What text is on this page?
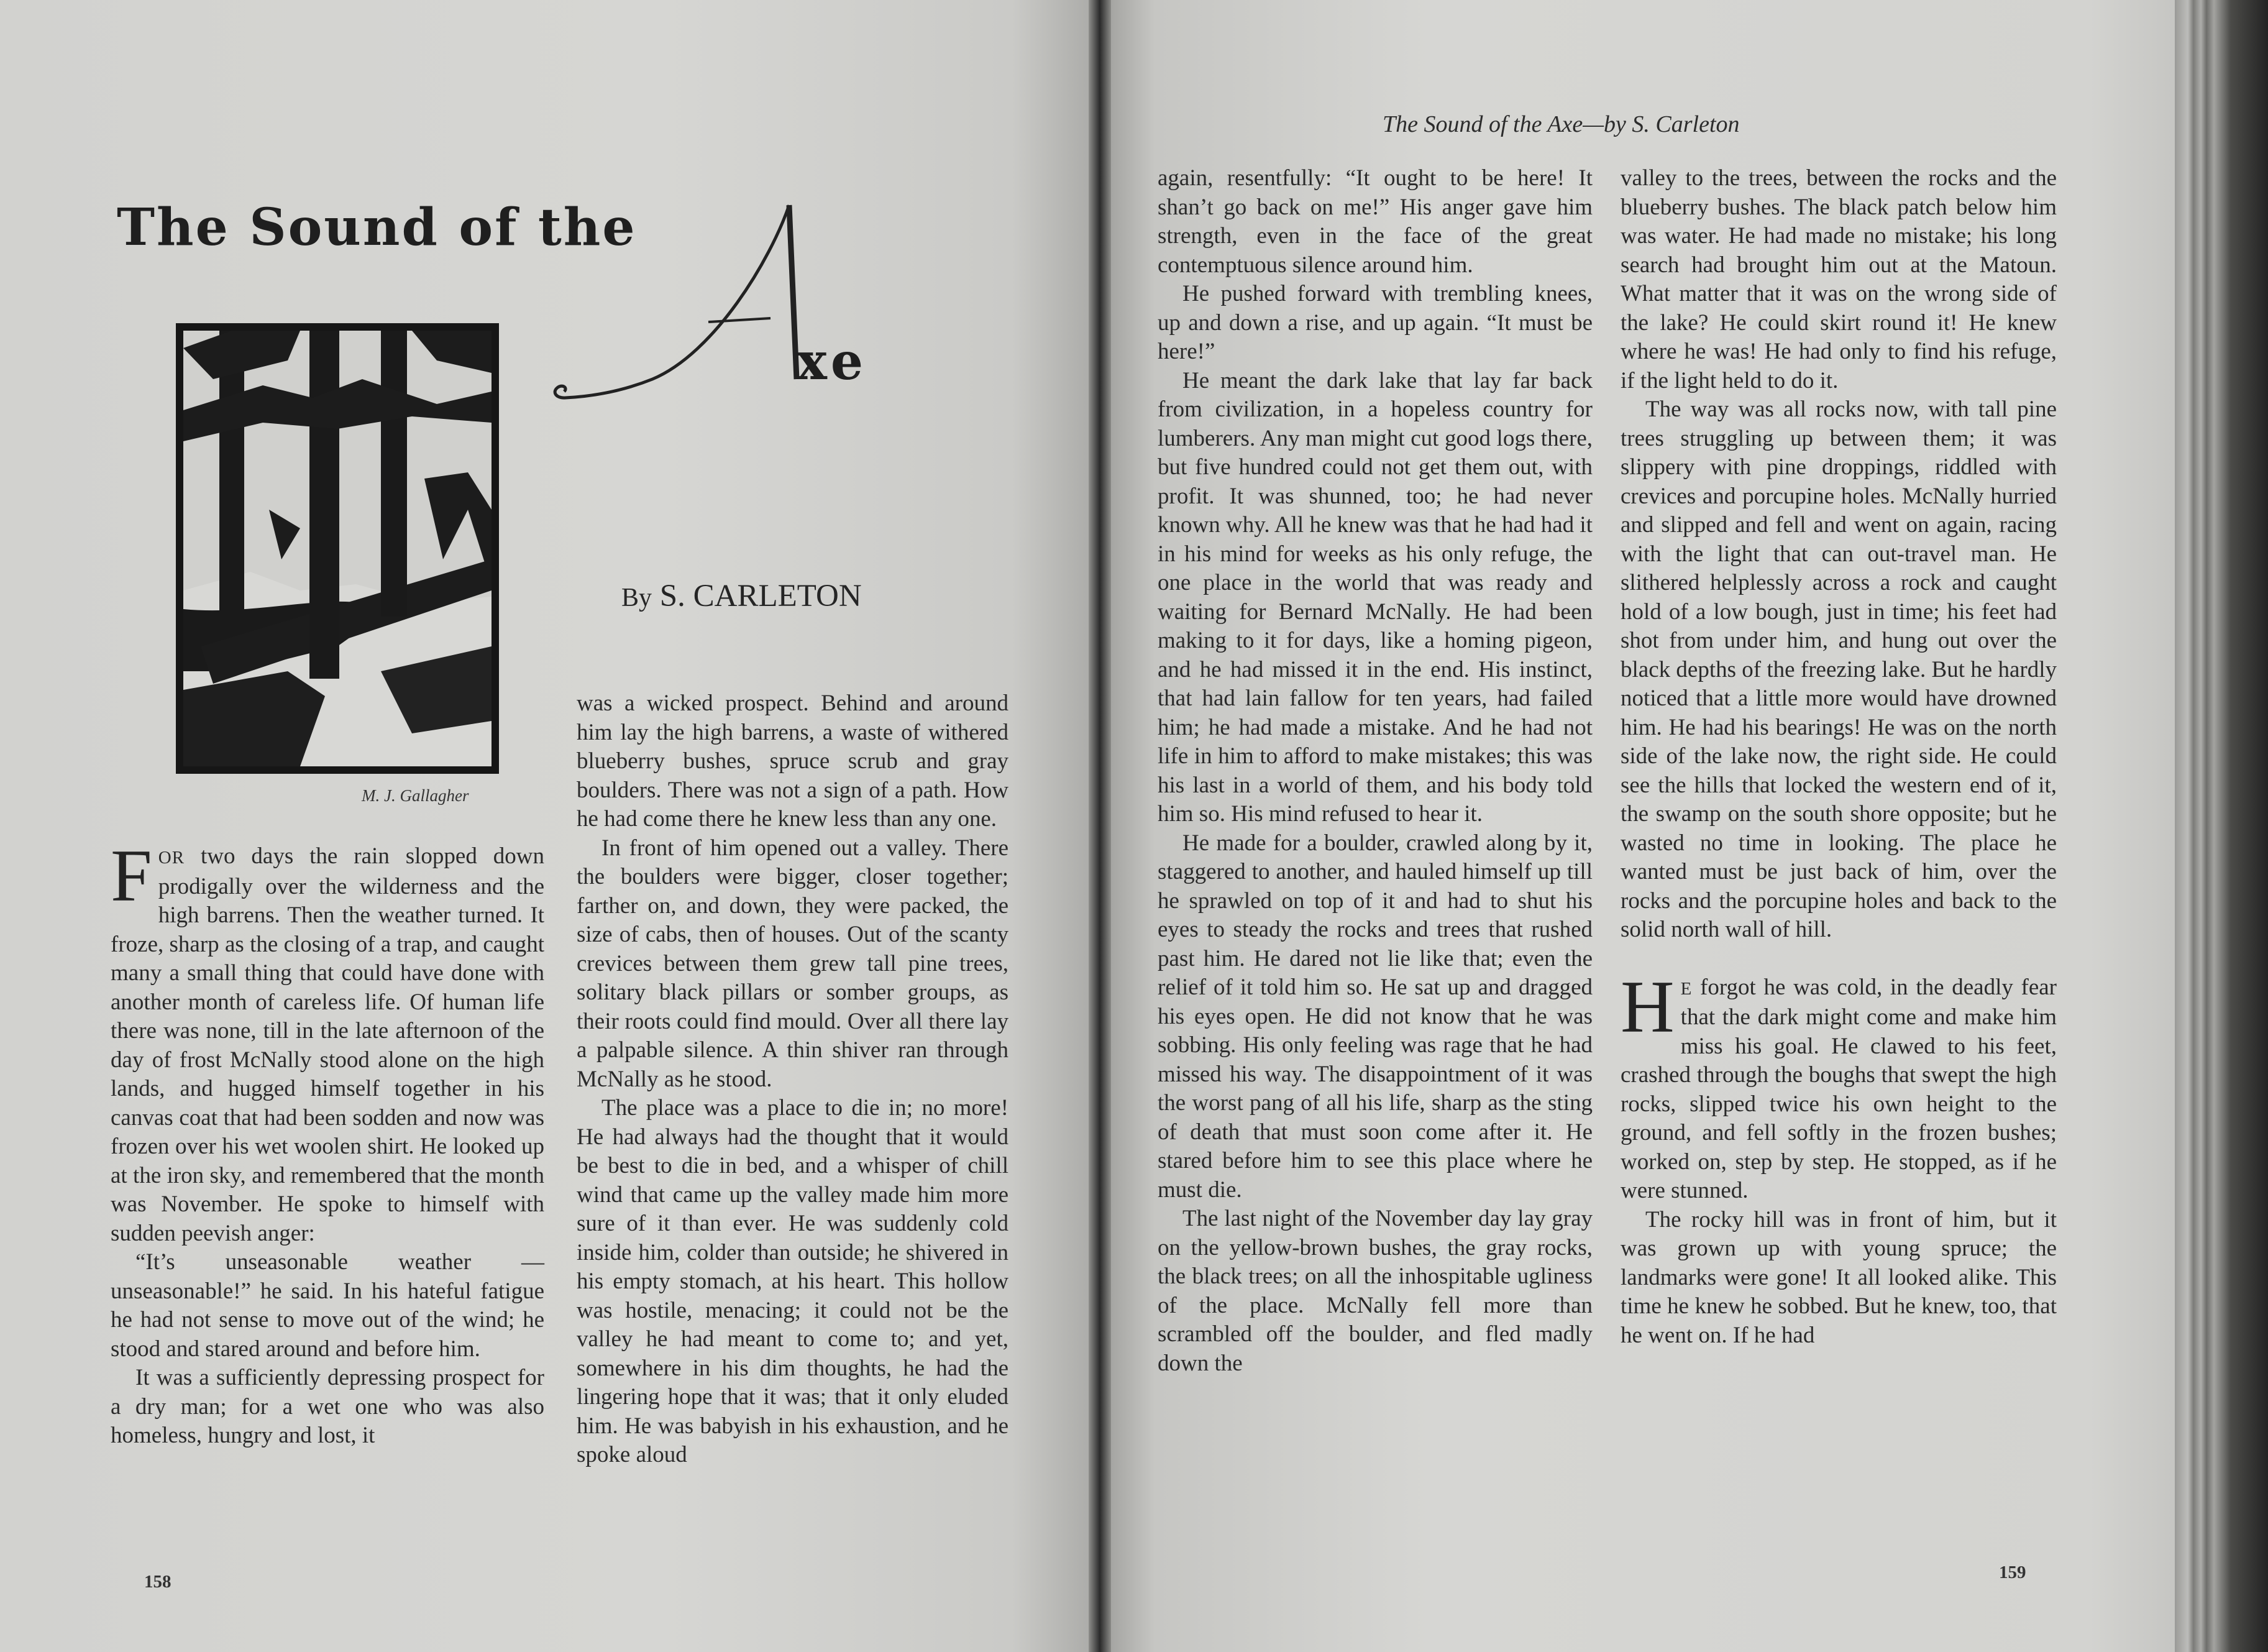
The Sound of the
xe
A
M. J. Gallagher
By S. CARLETON

FOR two days the rain slopped down prodigally over the wilderness and the high barrens. Then the weather turned. It froze, sharp as the closing of a trap, and caught many a small thing that could have done with another month of careless life. Of human life there was none, till in the late afternoon of the day of frost McNally stood alone on the high lands, and hugged himself together in his canvas coat that had been sodden and now was frozen over his wet woolen shirt. He looked up at the iron sky, and remembered that the month was November. He spoke to himself with sudden peevish anger:

“It’s unseasonable weather — unseasonable!” he said. In his hateful fatigue he had not sense to move out of the wind; he stood and stared around and before him.

It was a sufficiently depressing prospect for a dry man; for a wet one who was also homeless, hungry and lost, it

was a wicked prospect. Behind and around him lay the high barrens, a waste of withered blueberry bushes, spruce scrub and gray boulders. There was not a sign of a path. How he had come there he knew less than any one.

In front of him opened out a valley. There the boulders were bigger, closer together; farther on, and down, they were packed, the size of cabs, then of houses. Out of the scanty crevices between them grew tall pine trees, solitary black pillars or somber groups, as their roots could find mould. Over all there lay a palpable silence. A thin shiver ran through McNally as he stood.

The place was a place to die in; no more! He had always had the thought that it would be best to die in bed, and a whisper of chill wind that came up the valley made him more sure of it than ever. He was suddenly cold inside him, colder than outside; he shivered in his empty stomach, at his heart. This hollow was hostile, menacing; it could not be the valley he had meant to come to; and yet, somewhere in his dim thoughts, he had the lingering hope that it was; that it only eluded him. He was babyish in his exhaustion, and he spoke aloud

158
The Sound of the Axe—by S. Carleton

again, resentfully: “It ought to be here! It shan’t go back on me!” His anger gave him strength, even in the face of the great contemptuous silence around him.

He pushed forward with trembling knees, up and down a rise, and up again. “It must be here!”

He meant the dark lake that lay far back from civilization, in a hopeless country for lumberers. Any man might cut good logs there, but five hundred could not get them out, with profit. It was shunned, too; he had never known why. All he knew was that he had had it in his mind for weeks as his only refuge, the one place in the world that was ready and waiting for Bernard McNally. He had been making to it for days, like a homing pigeon, and he had missed it in the end. His instinct, that had lain fallow for ten years, had failed him; he had made a mistake. And he had not life in him to afford to make mistakes; this was his last in a world of them, and his body told him so. His mind refused to hear it.

He made for a boulder, crawled along by it, staggered to another, and hauled himself up till he sprawled on top of it and had to shut his eyes to steady the rocks and trees that rushed past him. He dared not lie like that; even the relief of it told him so. He sat up and dragged his eyes open. He did not know that he was sobbing. His only feeling was rage that he had missed his way. The disappointment of it was the worst pang of all his life, sharp as the sting of death that must soon come after it. He stared before him to see this place where he must die.

The last night of the November day lay gray on the yellow-brown bushes, the gray rocks, the black trees; on all the inhospitable ugliness of the place. McNally fell more than scrambled off the boulder, and fled madly down the

valley to the trees, between the rocks and the blueberry bushes. The black patch below him was water. He had made no mistake; his long search had brought him out at the Matoun. What matter that it was on the wrong side of the lake? He could skirt round it! He knew where he was! He had only to find his refuge, if the light held to do it.

The way was all rocks now, with tall pine trees struggling up between them; it was slippery with pine droppings, riddled with crevices and porcupine holes. McNally hurried and slipped and fell and went on again, racing with the light that can out-travel man. He slithered helplessly across a rock and caught hold of a low bough, just in time; his feet had shot from under him, and hung out over the black depths of the freezing lake. But he hardly noticed that a little more would have drowned him. He had his bearings! He was on the north side of the lake now, the right side. He could see the hills that locked the western end of it, the swamp on the south shore opposite; but he wasted no time in looking. The place he wanted must be just back of him, over the rocks and the porcupine holes and back to the solid north wall of hill.

H E forgot he was cold, in the deadly fear that the dark might come and make him miss his goal. He clawed to his feet, crashed through the boughs that swept the high rocks, slipped twice his own height to the ground, and fell softly in the frozen bushes; worked on, step by step. He stopped, as if he were stunned.

The rocky hill was in front of him, but it was grown up with young spruce; the landmarks were gone! It all looked alike. This time he knew he sobbed. But he knew, too, that he went on. If he had

159
